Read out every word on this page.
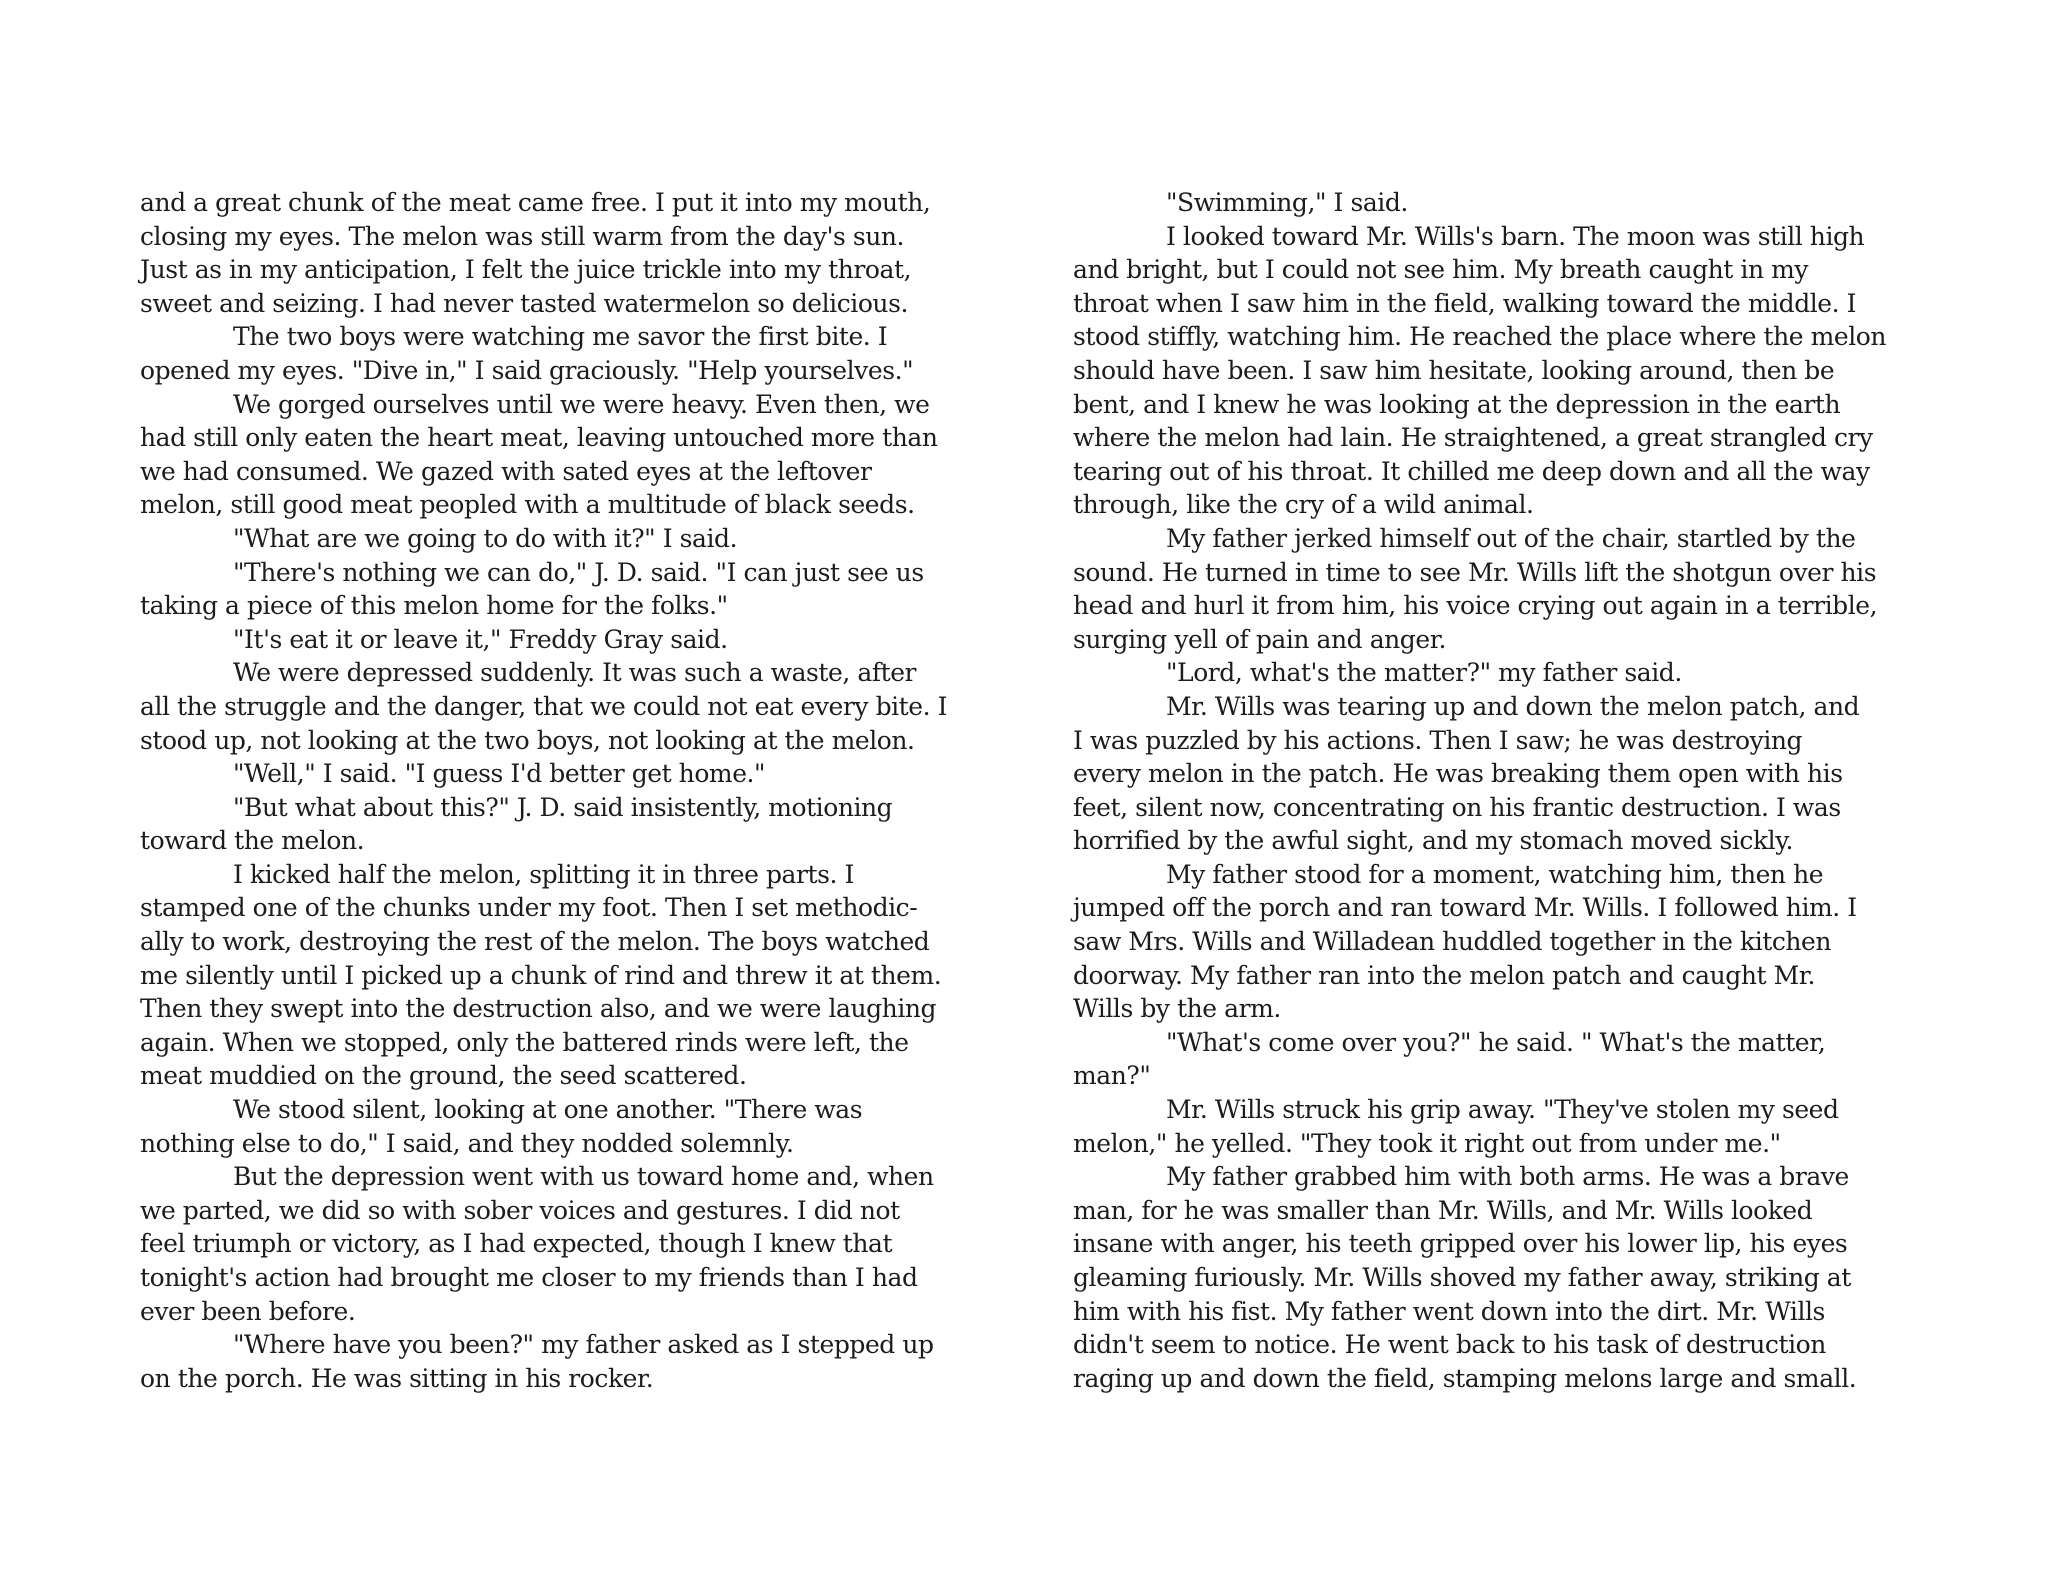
and a great chunk of the meat came free. I put it into my mouth,
closing my eyes. The melon was still warm from the day's sun.
Just as in my anticipation, I felt the juice trickle into my throat,
sweet and seizing. I had never tasted watermelon so delicious.

The two boys were watching me savor the first bite. I
opened my eyes. "Dive in," I said graciously. "Help yourselves."

We gorged ourselves until we were heavy. Even then, we
had still only eaten the heart meat, leaving untouched more than
we had consumed. We gazed with sated eyes at the leftover
melon, still good meat peopled with a multitude of black seeds.

"What are we going to do with it?" I said.

"There's nothing we can do," J. D. said. "I can just see us
taking a piece of this melon home for the folks."

"It's eat it or leave it," Freddy Gray said.

We were depressed suddenly. It was such a waste, after
all the struggle and the danger, that we could not eat every bite. I
stood up, not looking at the two boys, not looking at the melon.

"Well," I said. "I guess I'd better get home."

"But what about this?" J. D. said insistently, motioning
toward the melon.

I kicked half the melon, splitting it in three parts. I
stamped one of the chunks under my foot. Then I set methodic-
ally to work, destroying the rest of the melon. The boys watched
me silently until I picked up a chunk of rind and threw it at them.
Then they swept into the destruction also, and we were laughing
again. When we stopped, only the battered rinds were left, the
meat muddied on the ground, the seed scattered.

We stood silent, looking at one another. "There was
nothing else to do," I said, and they nodded solemnly.

But the depression went with us toward home and, when
we parted, we did so with sober voices and gestures. I did not
feel triumph or victory, as I had expected, though I knew that
tonight's action had brought me closer to my friends than I had
ever been before.

"Where have you been?" my father asked as I stepped up
on the porch. He was sitting in his rocker.

"Swimming," I said.

I looked toward Mr. Wills's barn. The moon was still high
and bright, but I could not see him. My breath caught in my
throat when I saw him in the field, walking toward the middle. I
stood stiffly, watching him. He reached the place where the melon
should have been. I saw him hesitate, looking around, then be
bent, and I knew he was looking at the depression in the earth
where the melon had lain. He straightened, a great strangled cry
tearing out of his throat. It chilled me deep down and all the way
through, like the cry of a wild animal.

My father jerked himself out of the chair, startled by the
sound. He turned in time to see Mr. Wills lift the shotgun over his
head and hurl it from him, his voice crying out again in a terrible,
surging yell of pain and anger.

"Lord, what's the matter?" my father said.

Mr. Wills was tearing up and down the melon patch, and
I was puzzled by his actions. Then I saw; he was destroying
every melon in the patch. He was breaking them open with his
feet, silent now, concentrating on his frantic destruction. I was
horrified by the awful sight, and my stomach moved sickly.

My father stood for a moment, watching him, then he
jumped off the porch and ran toward Mr. Wills. I followed him. I
saw Mrs. Wills and Willadean huddled together in the kitchen
doorway. My father ran into the melon patch and caught Mr.
Wills by the arm.

"What's come over you?" he said. " What's the matter,
man?"

Mr. Wills struck his grip away. "They've stolen my seed
melon," he yelled. "They took it right out from under me."

My father grabbed him with both arms. He was a brave
man, for he was smaller than Mr. Wills, and Mr. Wills looked
insane with anger, his teeth gripped over his lower lip, his eyes
gleaming furiously. Mr. Wills shoved my father away, striking at
him with his fist. My father went down into the dirt. Mr. Wills
didn't seem to notice. He went back to his task of destruction
raging up and down the field, stamping melons large and small.
